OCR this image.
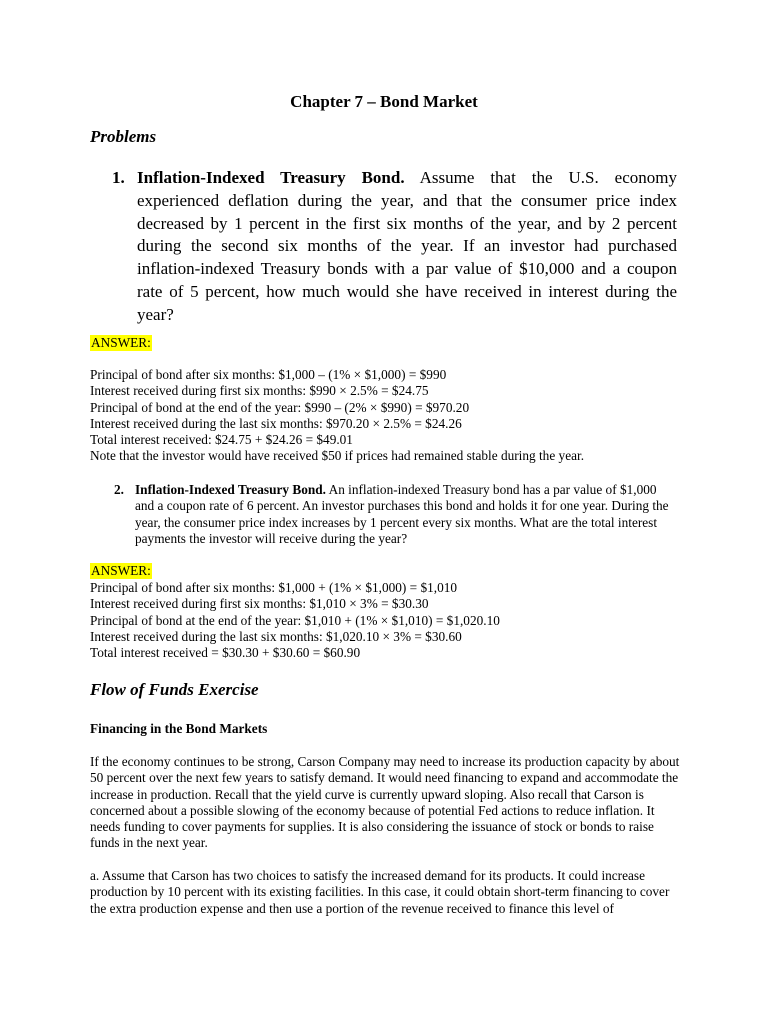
Chapter 7 – Bond Market
Problems
1. Inflation-Indexed Treasury Bond. Assume that the U.S. economy experienced deflation during the year, and that the consumer price index decreased by 1 percent in the first six months of the year, and by 2 percent during the second six months of the year. If an investor had purchased inflation-indexed Treasury bonds with a par value of $10,000 and a coupon rate of 5 percent, how much would she have received in interest during the year?
ANSWER:
Principal of bond after six months: $1,000 – (1% × $1,000) = $990
Interest received during first six months: $990 × 2.5% = $24.75
Principal of bond at the end of the year: $990 – (2% × $990) = $970.20
Interest received during the last six months: $970.20 × 2.5% = $24.26
Total interest received: $24.75 + $24.26 = $49.01
Note that the investor would have received $50 if prices had remained stable during the year.
2. Inflation-Indexed Treasury Bond. An inflation-indexed Treasury bond has a par value of $1,000 and a coupon rate of 6 percent. An investor purchases this bond and holds it for one year. During the year, the consumer price index increases by 1 percent every six months. What are the total interest payments the investor will receive during the year?
ANSWER:
Principal of bond after six months: $1,000 + (1% × $1,000) = $1,010
Interest received during first six months: $1,010 × 3% = $30.30
Principal of bond at the end of the year: $1,010 + (1% × $1,010) = $1,020.10
Interest received during the last six months: $1,020.10 × 3% = $30.60
Total interest received = $30.30 + $30.60 = $60.90
Flow of Funds Exercise
Financing in the Bond Markets

If the economy continues to be strong, Carson Company may need to increase its production capacity by about 50 percent over the next few years to satisfy demand. It would need financing to expand and accommodate the increase in production. Recall that the yield curve is currently upward sloping. Also recall that Carson is concerned about a possible slowing of the economy because of potential Fed actions to reduce inflation. It needs funding to cover payments for supplies. It is also considering the issuance of stock or bonds to raise funds in the next year.

a. Assume that Carson has two choices to satisfy the increased demand for its products. It could increase production by 10 percent with its existing facilities. In this case, it could obtain short-term financing to cover the extra production expense and then use a portion of the revenue received to finance this level of
